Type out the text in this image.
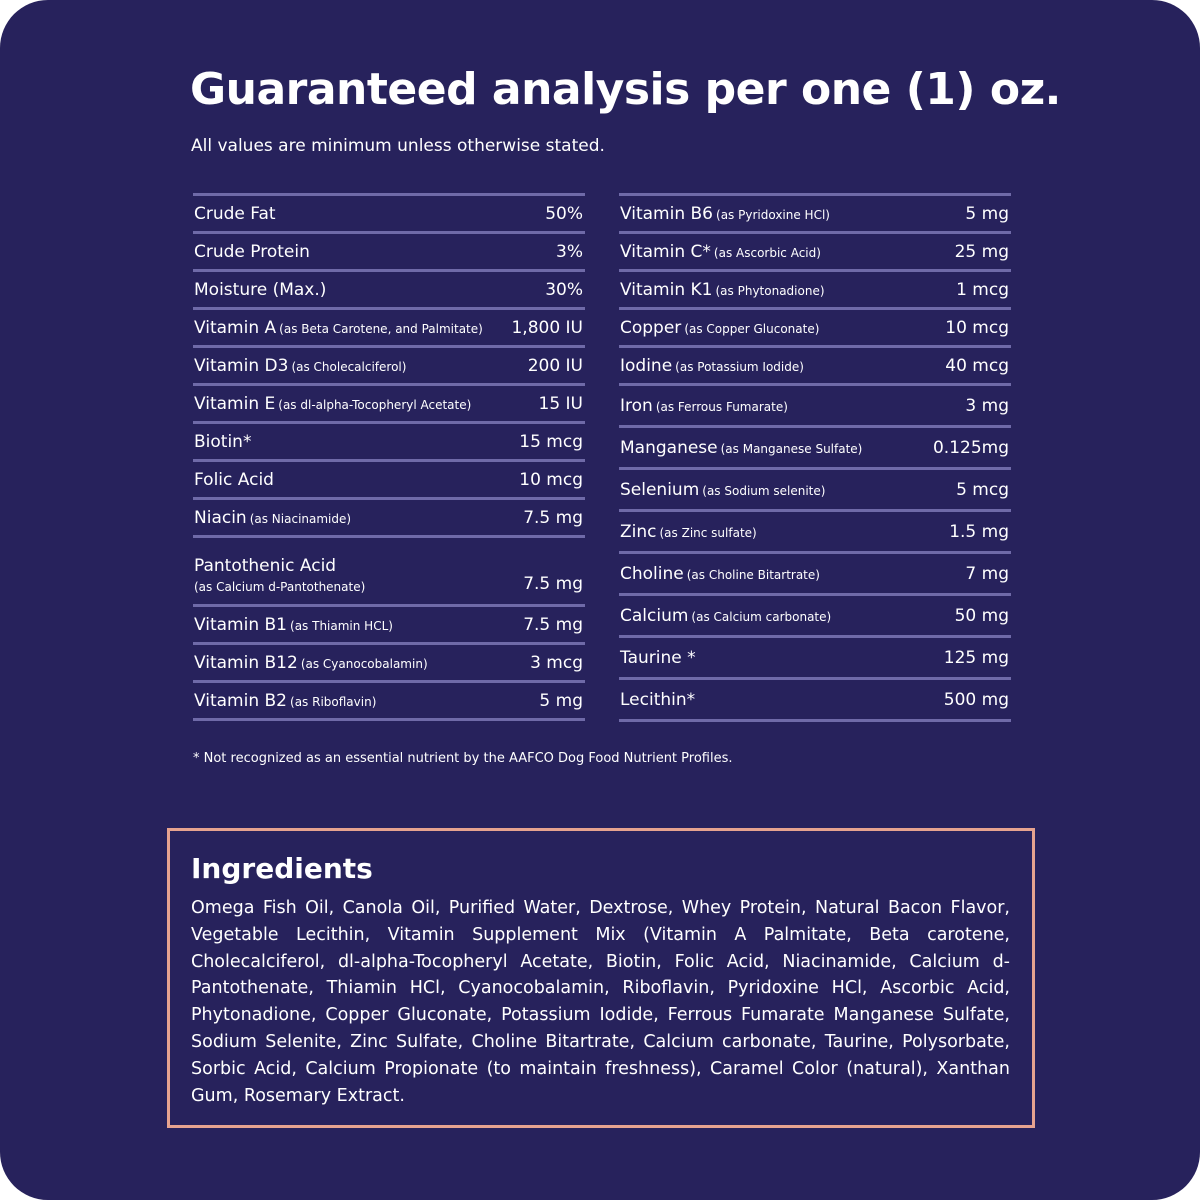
Guaranteed analysis per one (1) oz.
All values are minimum unless otherwise stated.
Crude Fat	50%
Crude Protein	3%
Moisture (Max.)	30%
Vitamin A (as Beta Carotene, and Palmitate) 1,800 IU
Vitamin D3 (as Cholecalciferol)	200 IU
Vitamin E (as dl-alpha-Tocopheryl Acetate)	15 IU
Biotin*	15 mcg
Folic Acid	10 mcg
Niacin (as Niacinamide)	7.5 mg
Pantothenic Acid
(as Calcium d-Pantothenate)	7.5 mg
Vitamin B1 (as Thiamin HCL)	7.5 mg
Vitamin B12 (as Cyanocobalamin)	3 mcg
Vitamin B2 (as Riboflavin)	5 mg
Vitamin B6 (as Pyridoxine HCl)	5 mg
Vitamin C* (as Ascorbic Acid)	25 mg
Vitamin K1 (as Phytonadione)	1 mcg
Copper (as Copper Gluconate)	10 mcg
Iodine (as Potassium Iodide)	40 mcg
Iron (as Ferrous Fumarate)	3 mg
Manganese (as Manganese Sulfate)	0.125mg
Selenium (as Sodium selenite)	5 mcg
Zinc (as Zinc sulfate)	1.5 mg
Choline (as Choline Bitartrate)	7 mg
Calcium (as Calcium carbonate)	50 mg
Taurine *	125 mg
Lecithin*	500 mg
* Not recognized as an essential nutrient by the AAFCO Dog Food Nutrient Profiles.
Ingredients
Omega Fish Oil, Canola Oil, Purified Water, Dextrose, Whey Protein, Natural Bacon Flavor, Vegetable Lecithin, Vitamin Supplement Mix (Vitamin A Palmitate, Beta carotene, Cholecalciferol, dl-alpha-Tocopheryl Acetate, Biotin, Folic Acid, Niacinamide, Calcium d-Pantothenate, Thiamin HCl, Cyanocobalamin, Riboflavin, Pyridoxine HCl, Ascorbic Acid, Phytonadione, Copper Gluconate, Potassium Iodide, Ferrous Fumarate Manganese Sulfate, Sodium Selenite, Zinc Sulfate, Choline Bitartrate, Calcium carbonate, Taurine, Polysorbate, Sorbic Acid, Calcium Propionate (to maintain freshness), Caramel Color (natural), Xanthan Gum, Rosemary Extract.
